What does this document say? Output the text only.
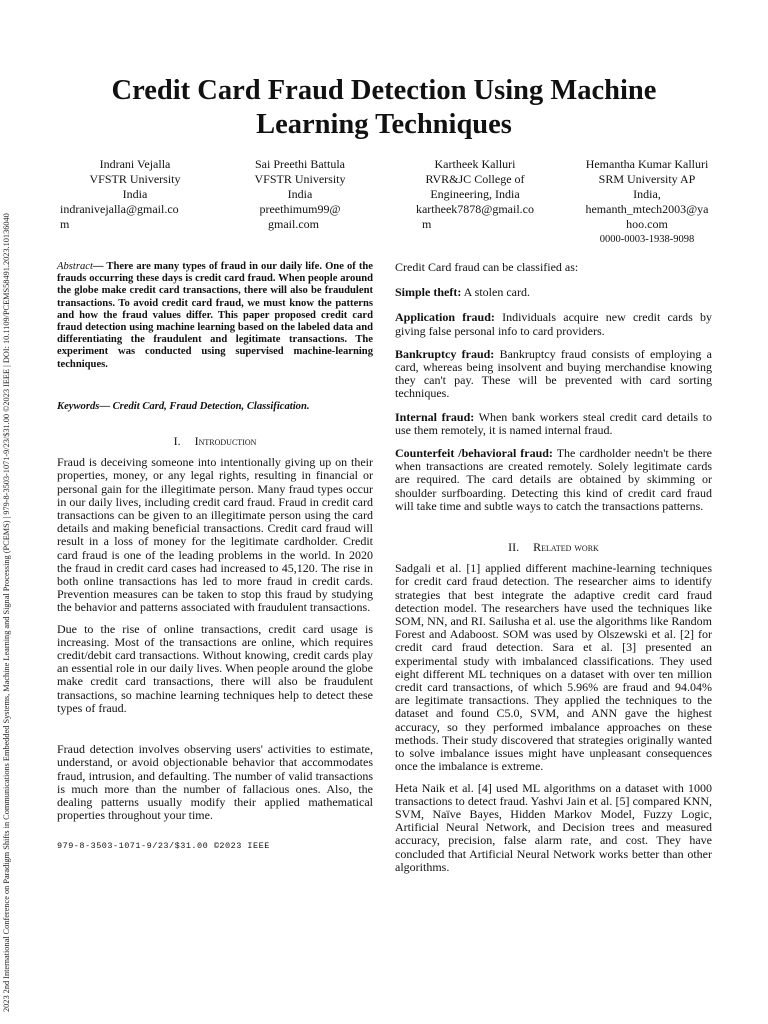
2023 2nd International Conference on Paradigm Shifts in Communications Embedded Systems, Machine Learning and Signal Processing (PCEMS) | 979-8-3503-1071-9/23/$31.00 ©2023 IEEE | DOI: 10.1109/PCEMS58491.2023.10136040
Credit Card Fraud Detection Using Machine Learning Techniques
Indrani Vejalla
VFSTR University
India
indranivejalla@gmail.co
m
Sai Preethi Battula
VFSTR University
India
preethimum99@
gmail.com
Kartheek Kalluri
RVR&JC College of
Engineering, India
kartheek7878@gmail.co
m
Hemantha Kumar Kalluri
SRM University AP
India,
hemanth_mtech2003@ya
hoo.com
0000-0003-1938-9098

Abstract— There are many types of fraud in our daily life. One of the frauds occurring these days is credit card fraud. When people around the globe make credit card transactions, there will also be fraudulent transactions. To avoid credit card fraud, we must know the patterns and how the fraud values differ. This paper proposed credit card fraud detection using machine learning based on the labeled data and differentiating the fraudulent and legitimate transactions. The experiment was conducted using supervised machine-learning techniques.

Keywords— Credit Card, Fraud Detection, Classification.

I. Introduction

Fraud is deceiving someone into intentionally giving up on their properties, money, or any legal rights, resulting in financial or personal gain for the illegitimate person. Many fraud types occur in our daily lives, including credit card fraud. Fraud in credit card transactions can be given to an illegitimate person using the card details and making beneficial transactions. Credit card fraud will result in a loss of money for the legitimate cardholder. Credit card fraud is one of the leading problems in the world. In 2020 the fraud in credit card cases had increased to 45,120. The rise in both online transactions has led to more fraud in credit cards. Prevention measures can be taken to stop this fraud by studying the behavior and patterns associated with fraudulent transactions.

Due to the rise of online transactions, credit card usage is increasing. Most of the transactions are online, which requires credit/debit card transactions. Without knowing, credit cards play an essential role in our daily lives. When people around the globe make credit card transactions, there will also be fraudulent transactions, so machine learning techniques help to detect these types of fraud.

Fraud detection involves observing users' activities to estimate, understand, or avoid objectionable behavior that accommodates fraud, intrusion, and defaulting. The number of valid transactions is much more than the number of fallacious ones. Also, the dealing patterns usually modify their applied mathematical properties throughout your time.

979-8-3503-1071-9/23/$31.00 ©2023 IEEE

Credit Card fraud can be classified as:

Simple theft: A stolen card.

Application fraud: Individuals acquire new credit cards by giving false personal info to card providers.

Bankruptcy fraud: Bankruptcy fraud consists of employing a card, whereas being insolvent and buying merchandise knowing they can't pay. These will be prevented with card sorting techniques.

Internal fraud: When bank workers steal credit card details to use them remotely, it is named internal fraud.

Counterfeit /behavioral fraud: The cardholder needn't be there when transactions are created remotely. Solely legitimate cards are required. The card details are obtained by skimming or shoulder surfboarding. Detecting this kind of credit card fraud will take time and subtle ways to catch the transactions patterns.

II. Related work

Sadgali et al. [1] applied different machine-learning techniques for credit card fraud detection. The researcher aims to identify strategies that best integrate the adaptive credit card fraud detection model. The researchers have used the techniques like SOM, NN, and RI. Sailusha et al. use the algorithms like Random Forest and Adaboost. SOM was used by Olszewski et al. [2] for credit card fraud detection. Sara et al. [3] presented an experimental study with imbalanced classifications. They used eight different ML techniques on a dataset with over ten million credit card transactions, of which 5.96% are fraud and 94.04% are legitimate transactions. They applied the techniques to the dataset and found C5.0, SVM, and ANN gave the highest accuracy, so they performed imbalance approaches on these methods. Their study discovered that strategies originally wanted to solve imbalance issues might have unpleasant consequences once the imbalance is extreme.

Heta Naik et al. [4] used ML algorithms on a dataset with 1000 transactions to detect fraud. Yashvi Jain et al. [5] compared KNN, SVM, Naïve Bayes, Hidden Markov Model, Fuzzy Logic, Artificial Neural Network, and Decision trees and measured accuracy, precision, false alarm rate, and cost. They have concluded that Artificial Neural Network works better than other algorithms.
